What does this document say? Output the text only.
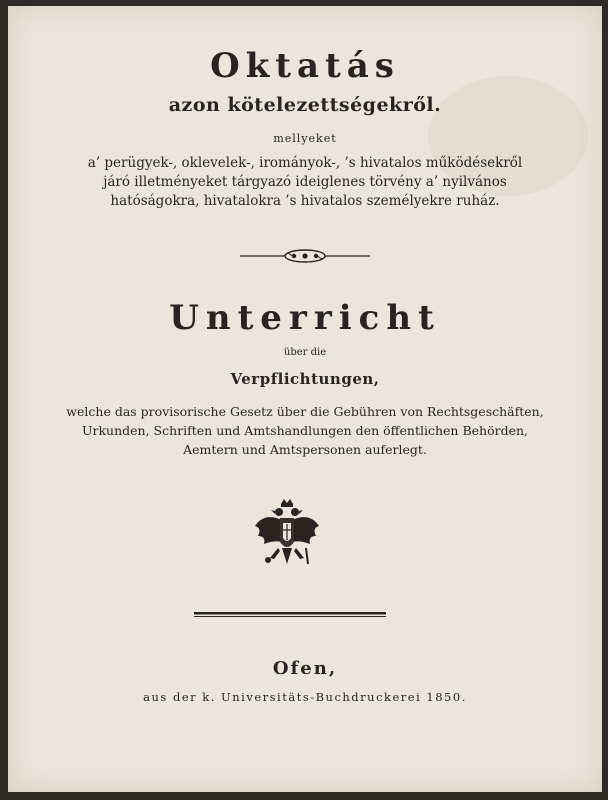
Oktatás
azon kötelezettségekről.
mellyeket
a’ perügyek-, oklevelek-, irományok-, ’s hivatalos működésekről
járó illetményeket tárgyazó ideiglenes törvény a’ nyilvános
hatóságokra, hivatalokra ’s hivatalos személyekre ruház.
Unterricht
über die
Verpflichtungen,
welche das provisorische Gesetz über die Gebühren von Rechtsgeschäften,
Urkunden, Schriften und Amtshandlungen den öffentlichen Behörden,
Aemtern und Amtspersonen auferlegt.
Ofen,
aus der k. Universitäts-Buchdruckerei 1850.
